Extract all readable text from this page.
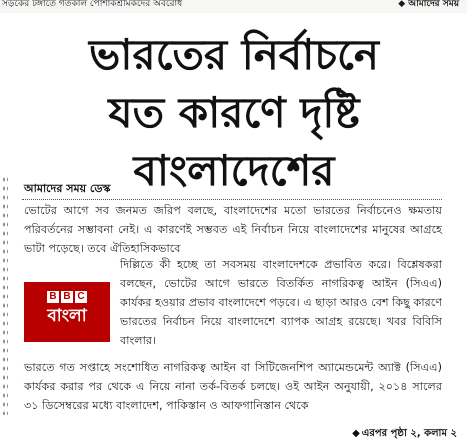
সড়কের টঙ্গাতে গতকাল পোশাকশ্রমিকদের অবরোধ	◆ আমাদের সময়
ভারতের নির্বাচনে
যত কারণে দৃষ্টি
বাংলাদেশের
আমাদের সময় ডেস্ক
ভোটের আগে সব জনমত জরিপ বলছে, বাংলাদেশের মতো ভারতের নির্বাচনেও ক্ষমতায় পরিবর্তনের সম্ভাবনা নেই। এ কারণেই সম্ভবত এই নির্বাচন নিয়ে বাংলাদেশের মানুষের আগ্রহে ভাটা পড়েছে। তবে ঐতিহাসিকভাবে
B B C
বাংলা
দিল্লিতে কী হচ্ছে তা সবসময় বাংলাদেশকে প্রভাবিত করে। বিশ্লেষকরা বলছেন, ভোটের আগে ভারতে বিতর্কিত নাগরিকত্ব আইন (সিএএ) কার্যকর হওয়ার প্রভাব বাংলাদেশে পড়বে। এ ছাড়া আরও বেশ কিছু কারণে ভারতের নির্বাচন নিয়ে বাংলাদেশে ব্যাপক আগ্রহ রয়েছে। খবর বিবিসি বাংলার।
ভারতে গত সপ্তাহে সংশোধিত নাগরিকত্ব আইন বা সিটিজেনশিপ অ্যামেন্ডমেন্ট অ্যাক্ট (সিএএ) কার্যকর করার পর থেকে এ নিয়ে নানা তর্ক-বিতর্ক চলছে। ওই আইন অনুযায়ী, ২০১৪ সালের ৩১ ডিসেম্বরের মধ্যে বাংলাদেশ, পাকিস্তান ও আফগানিস্তান থেকে
◆ এরপর পৃষ্ঠা ২, কলাম ২
